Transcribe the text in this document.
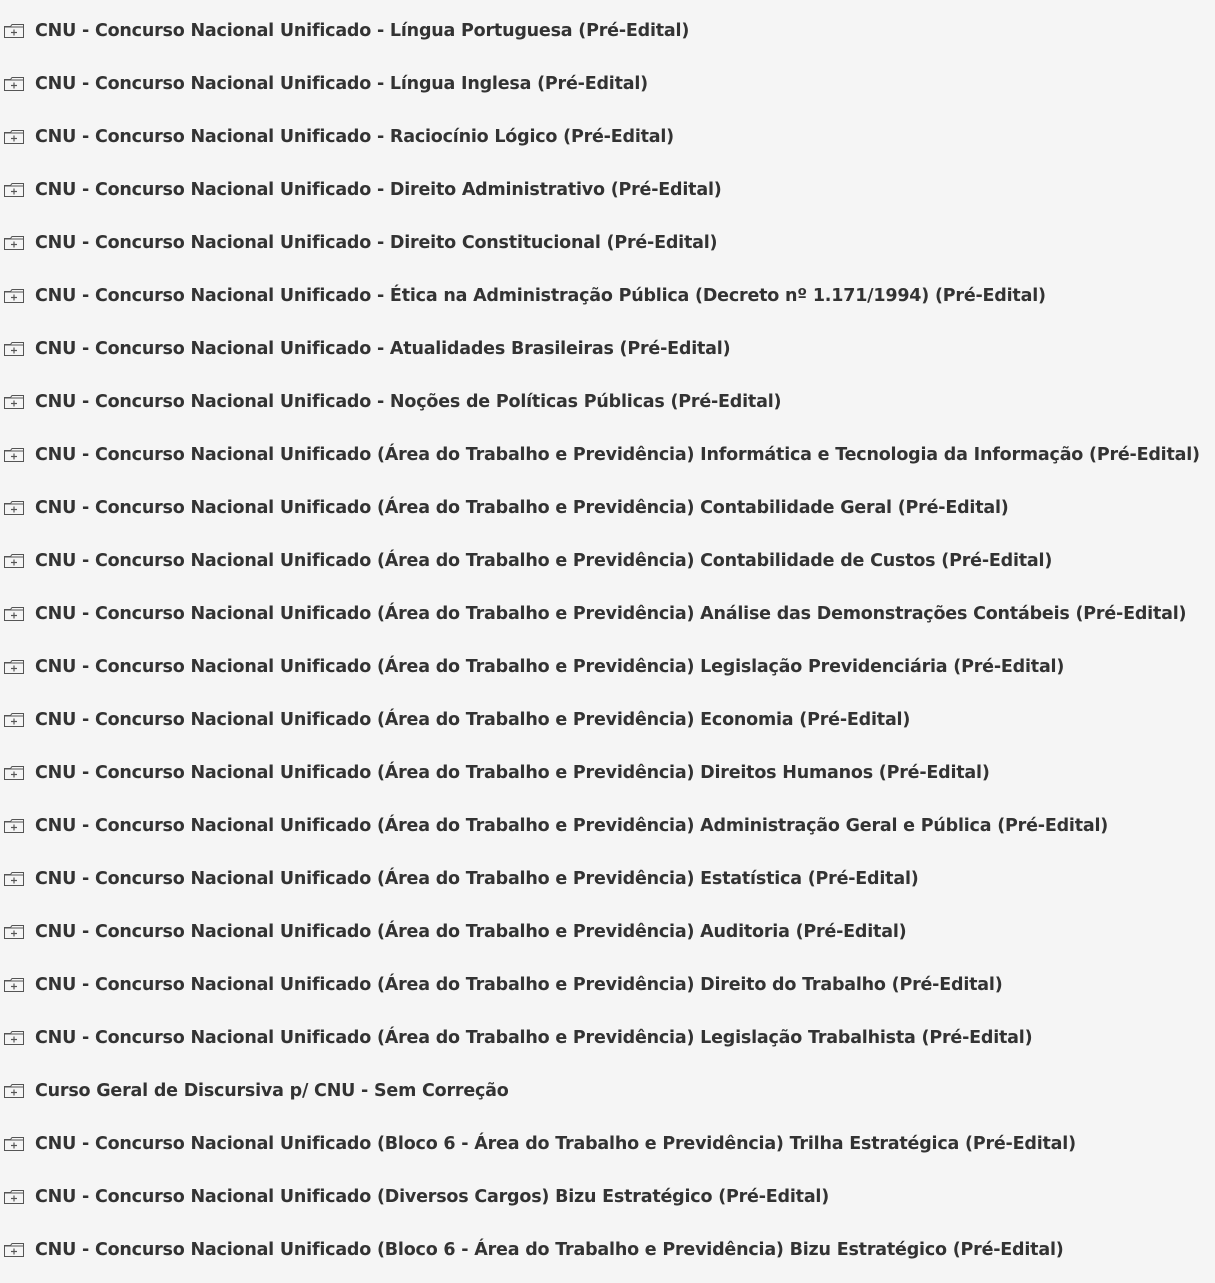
CNU - Concurso Nacional Unificado - Língua Portuguesa (Pré-Edital)
CNU - Concurso Nacional Unificado - Língua Inglesa (Pré-Edital)
CNU - Concurso Nacional Unificado - Raciocínio Lógico (Pré-Edital)
CNU - Concurso Nacional Unificado - Direito Administrativo (Pré-Edital)
CNU - Concurso Nacional Unificado - Direito Constitucional (Pré-Edital)
CNU - Concurso Nacional Unificado - Ética na Administração Pública (Decreto nº 1.171/1994) (Pré-Edital)
CNU - Concurso Nacional Unificado - Atualidades Brasileiras (Pré-Edital)
CNU - Concurso Nacional Unificado - Noções de Políticas Públicas (Pré-Edital)
CNU - Concurso Nacional Unificado (Área do Trabalho e Previdência) Informática e Tecnologia da Informação (Pré-Edital)
CNU - Concurso Nacional Unificado (Área do Trabalho e Previdência) Contabilidade Geral (Pré-Edital)
CNU - Concurso Nacional Unificado (Área do Trabalho e Previdência) Contabilidade de Custos (Pré-Edital)
CNU - Concurso Nacional Unificado (Área do Trabalho e Previdência) Análise das Demonstrações Contábeis (Pré-Edital)
CNU - Concurso Nacional Unificado (Área do Trabalho e Previdência) Legislação Previdenciária (Pré-Edital)
CNU - Concurso Nacional Unificado (Área do Trabalho e Previdência) Economia (Pré-Edital)
CNU - Concurso Nacional Unificado (Área do Trabalho e Previdência) Direitos Humanos (Pré-Edital)
CNU - Concurso Nacional Unificado (Área do Trabalho e Previdência) Administração Geral e Pública (Pré-Edital)
CNU - Concurso Nacional Unificado (Área do Trabalho e Previdência) Estatística (Pré-Edital)
CNU - Concurso Nacional Unificado (Área do Trabalho e Previdência) Auditoria (Pré-Edital)
CNU - Concurso Nacional Unificado (Área do Trabalho e Previdência) Direito do Trabalho (Pré-Edital)
CNU - Concurso Nacional Unificado (Área do Trabalho e Previdência) Legislação Trabalhista (Pré-Edital)
Curso Geral de Discursiva p/ CNU - Sem Correção
CNU - Concurso Nacional Unificado (Bloco 6 - Área do Trabalho e Previdência) Trilha Estratégica (Pré-Edital)
CNU - Concurso Nacional Unificado (Diversos Cargos) Bizu Estratégico (Pré-Edital)
CNU - Concurso Nacional Unificado (Bloco 6 - Área do Trabalho e Previdência) Bizu Estratégico (Pré-Edital)
